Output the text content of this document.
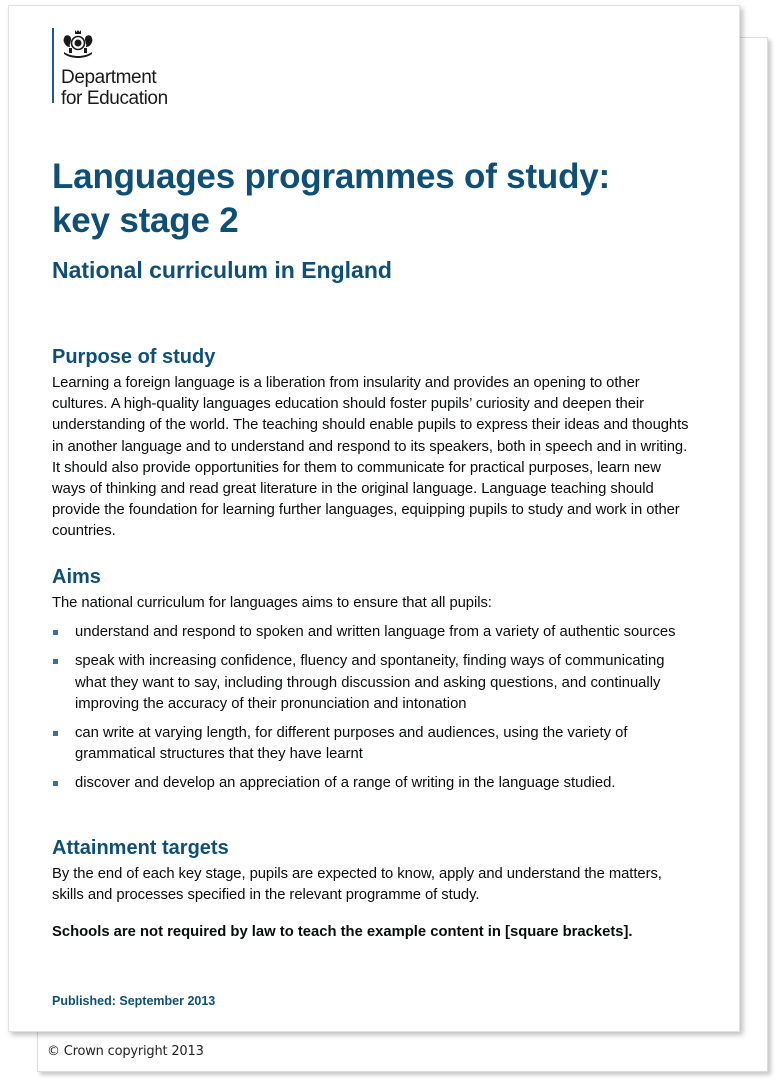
© Crown copyright 2013
Department
for Education
Languages programmes of study:
key stage 2
National curriculum in England
Purpose of study

Learning a foreign language is a liberation from insularity and provides an opening to other cultures. A high-quality languages education should foster pupils’ curiosity and deepen their understanding of the world. The teaching should enable pupils to express their ideas and thoughts in another language and to understand and respond to its speakers, both in speech and in writing. It should also provide opportunities for them to communicate for practical purposes, learn new ways of thinking and read great literature in the original language. Language teaching should provide the foundation for learning further languages, equipping pupils to study and work in other countries.

Aims

The national curriculum for languages aims to ensure that all pupils:

understand and respond to spoken and written language from a variety of authentic sources
speak with increasing confidence, fluency and spontaneity, finding ways of communicating what they want to say, including through discussion and asking questions, and continually improving the accuracy of their pronunciation and intonation
can write at varying length, for different purposes and audiences, using the variety of grammatical structures that they have learnt
discover and develop an appreciation of a range of writing in the language studied.
Attainment targets

By the end of each key stage, pupils are expected to know, apply and understand the matters, skills and processes specified in the relevant programme of study.

Schools are not required by law to teach the example content in [square brackets].

Published: September 2013
